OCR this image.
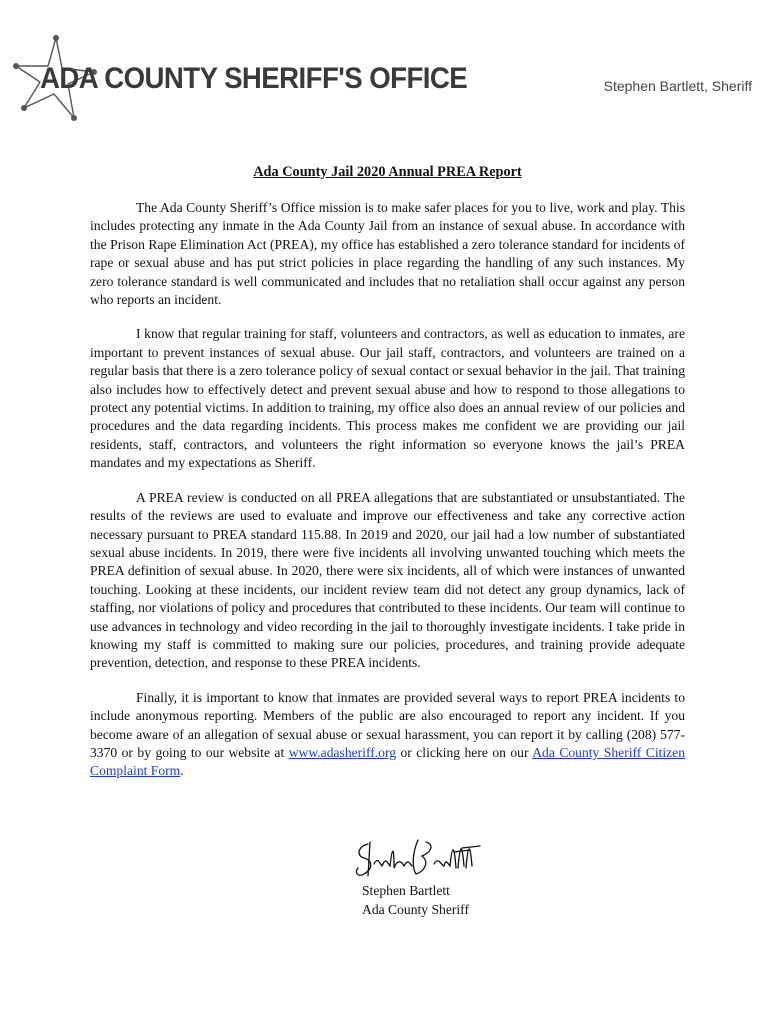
ADA COUNTY SHERIFF'S OFFICE	Stephen Bartlett, Sheriff
Ada County Jail 2020 Annual PREA Report

The Ada County Sheriff’s Office mission is to make safer places for you to live, work and play. This includes protecting any inmate in the Ada County Jail from an instance of sexual abuse. In accordance with the Prison Rape Elimination Act (PREA), my office has established a zero tolerance standard for incidents of rape or sexual abuse and has put strict policies in place regarding the handling of any such instances. My zero tolerance standard is well communicated and includes that no retaliation shall occur against any person who reports an incident.

I know that regular training for staff, volunteers and contractors, as well as education to inmates, are important to prevent instances of sexual abuse. Our jail staff, contractors, and volunteers are trained on a regular basis that there is a zero tolerance policy of sexual contact or sexual behavior in the jail. That training also includes how to effectively detect and prevent sexual abuse and how to respond to those allegations to protect any potential victims. In addition to training, my office also does an annual review of our policies and procedures and the data regarding incidents. This process makes me confident we are providing our jail residents, staff, contractors, and volunteers the right information so everyone knows the jail’s PREA mandates and my expectations as Sheriff.

A PREA review is conducted on all PREA allegations that are substantiated or unsubstantiated. The results of the reviews are used to evaluate and improve our effectiveness and take any corrective action necessary pursuant to PREA standard 115.88. In 2019 and 2020, our jail had a low number of substantiated sexual abuse incidents. In 2019, there were five incidents all involving unwanted touching which meets the PREA definition of sexual abuse. In 2020, there were six incidents, all of which were instances of unwanted touching. Looking at these incidents, our incident review team did not detect any group dynamics, lack of staffing, nor violations of policy and procedures that contributed to these incidents. Our team will continue to use advances in technology and video recording in the jail to thoroughly investigate incidents. I take pride in knowing my staff is committed to making sure our policies, procedures, and training provide adequate prevention, detection, and response to these PREA incidents.

Finally, it is important to know that inmates are provided several ways to report PREA incidents to include anonymous reporting. Members of the public are also encouraged to report any incident. If you become aware of an allegation of sexual abuse or sexual harassment, you can report it by calling (208) 577-3370 or by going to our website at www.adasheriff.org or clicking here on our Ada County Sheriff Citizen Complaint Form.

Stephen Bartlett
Ada County Sheriff
